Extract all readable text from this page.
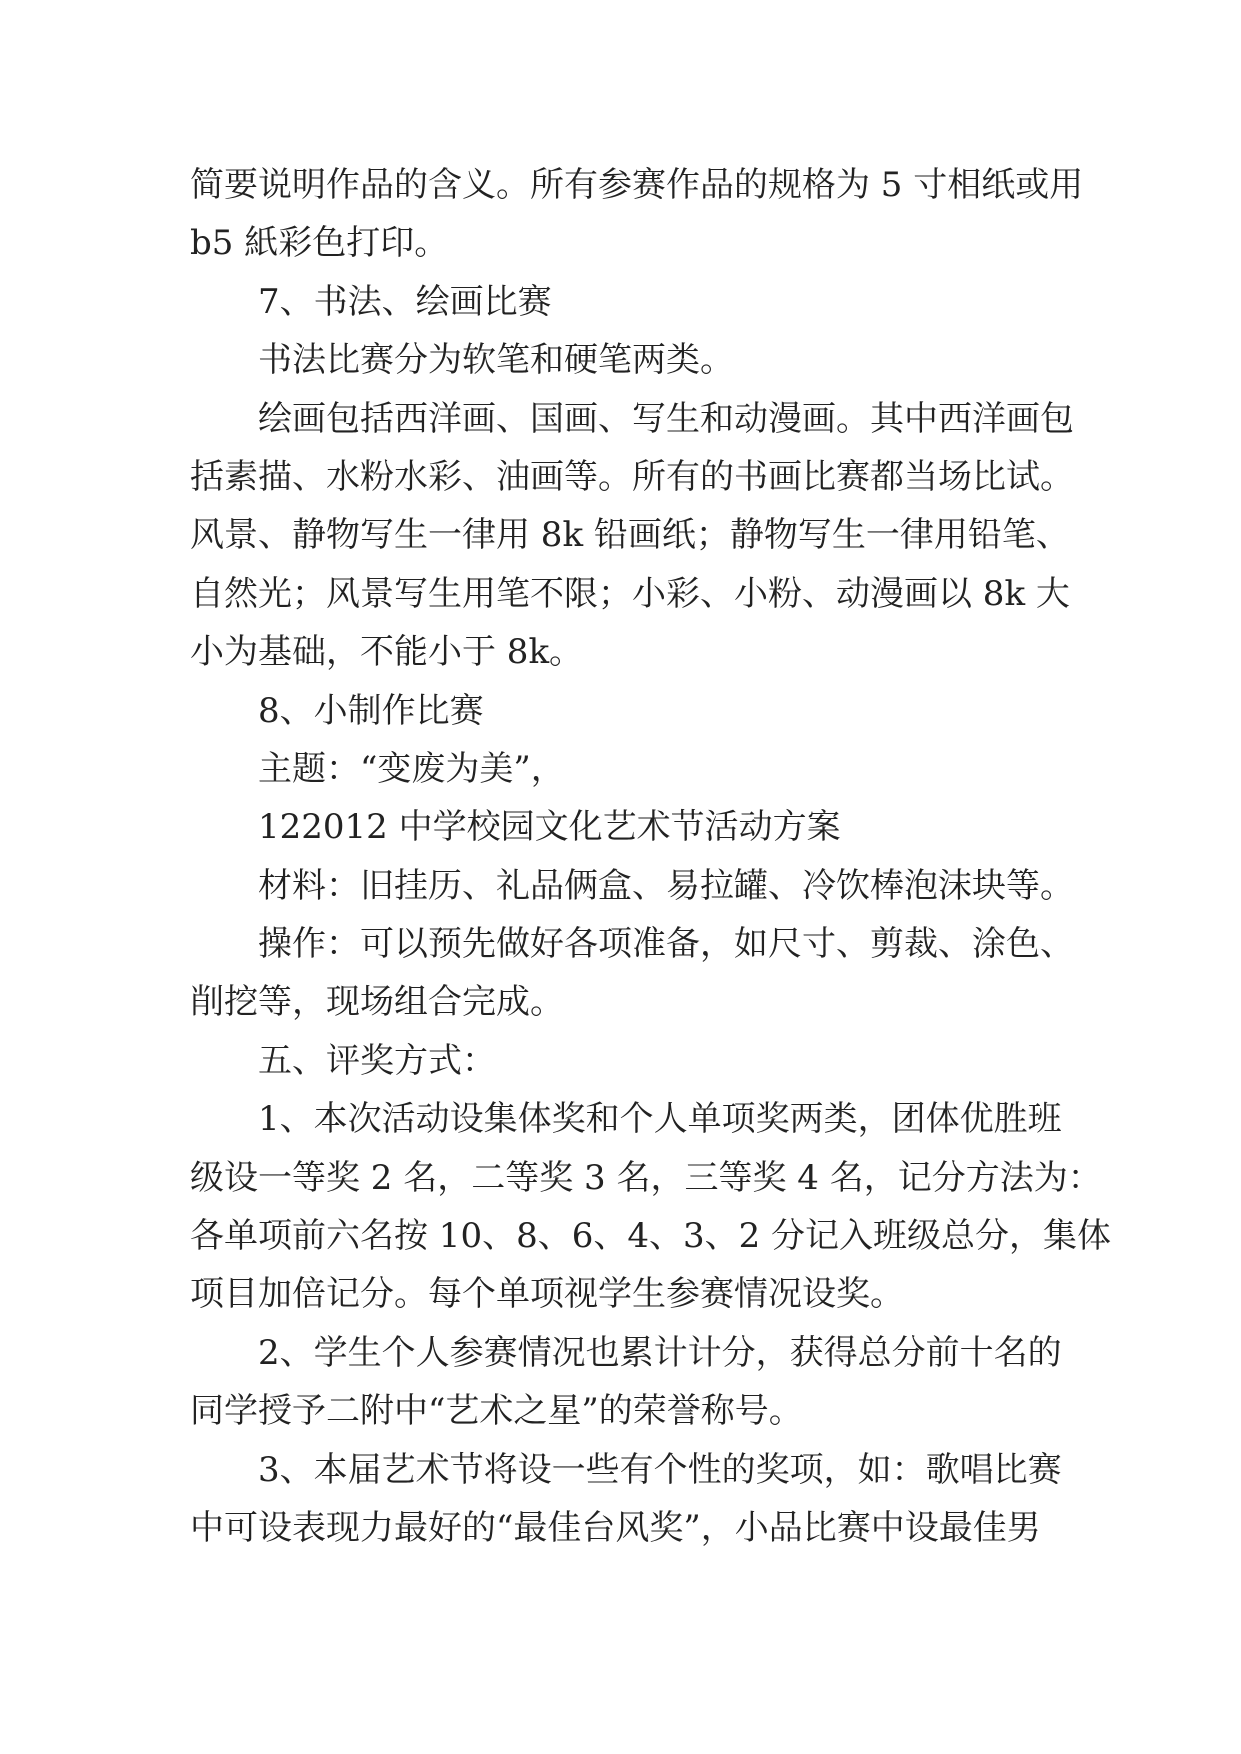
简要说明作品的含义。所有参赛作品的规格为 5 寸相纸或用
b5 紙彩色打印。
7、书法、绘画比赛
书法比赛分为软笔和硬笔两类。
绘画包括西洋画、国画、写生和动漫画。其中西洋画包
括素描、水粉水彩、油画等。所有的书画比赛都当场比试。
风景、静物写生一律用 8k 铅画纸；静物写生一律用铅笔、
自然光；风景写生用笔不限；小彩、小粉、动漫画以 8k 大
小为基础，不能小于 8k。
8、小制作比赛
主题：“变废为美”，
122012 中学校园文化艺术节活动方案
材料：旧挂历、礼品俩盒、易拉罐、冷饮棒泡沫块等。
操作：可以预先做好各项准备，如尺寸、剪裁、涂色、
削挖等，现场组合完成。
五、评奖方式：
1、本次活动设集体奖和个人单项奖两类，团体优胜班
级设一等奖 2 名，二等奖 3 名，三等奖 4 名，记分方法为：
各单项前六名按 10、8、6、4、3、2 分记入班级总分，集体
项目加倍记分。每个单项视学生参赛情况设奖。
2、学生个人参赛情况也累计计分，获得总分前十名的
同学授予二附中“艺术之星”的荣誉称号。
3、本届艺术节将设一些有个性的奖项，如：歌唱比赛
中可设表现力最好的“最佳台风奖”，小品比赛中设最佳男
